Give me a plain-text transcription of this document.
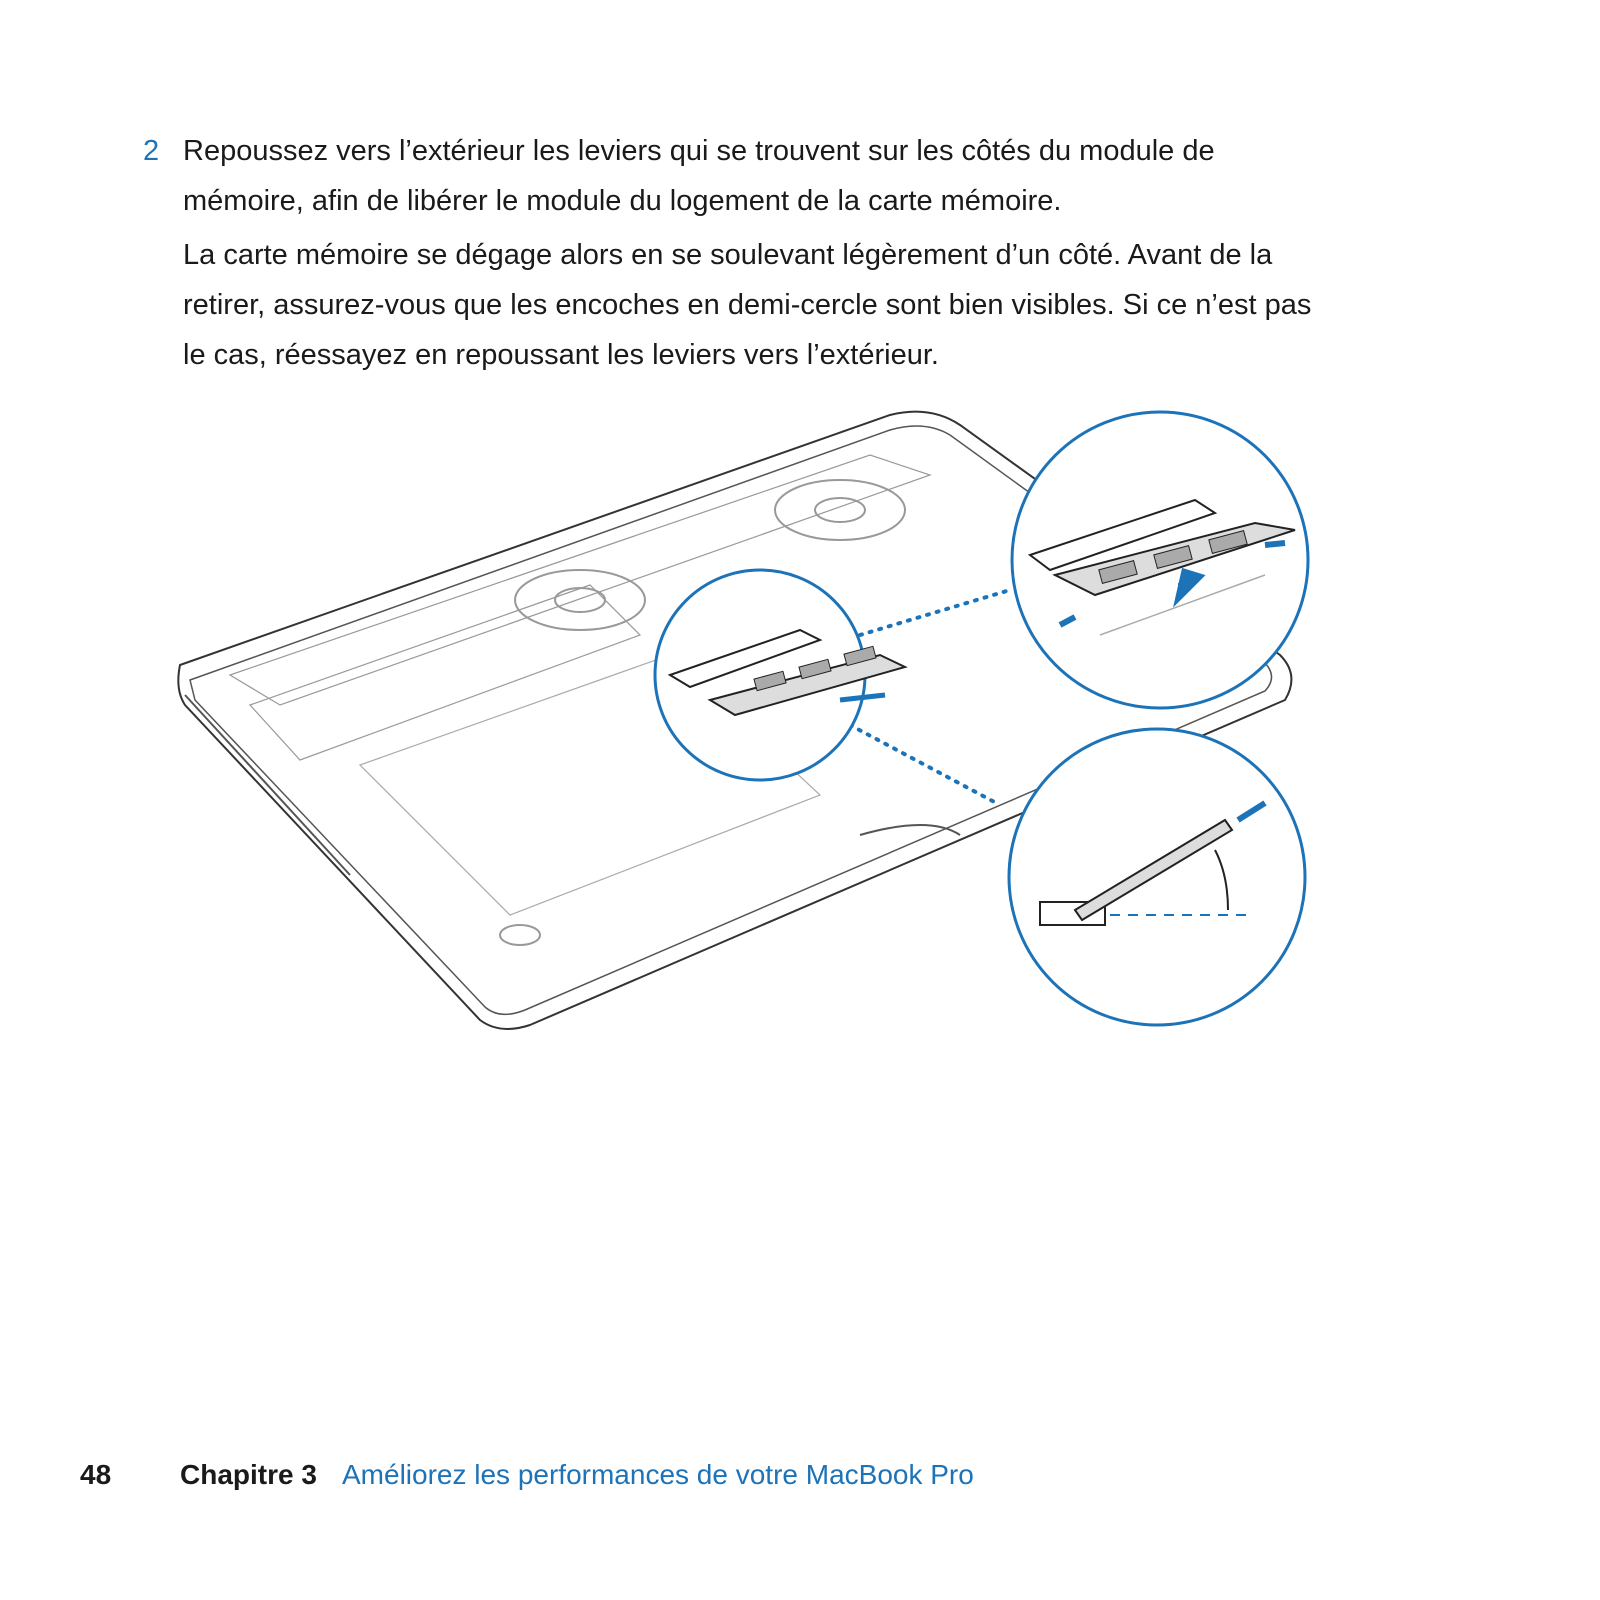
2 Repoussez vers l’extérieur les leviers qui se trouvent sur les côtés du module de

mémoire, afin de libérer le module du logement de la carte mémoire.

La carte mémoire se dégage alors en se soulevant légèrement d’un côté. Avant de la

retirer, assurez-vous que les encoches en demi-cercle sont bien visibles. Si ce n’est pas

le cas, réessayez en repoussant les leviers vers l’extérieur.

48 Chapitre 3 Améliorez les performances de votre MacBook Pro
